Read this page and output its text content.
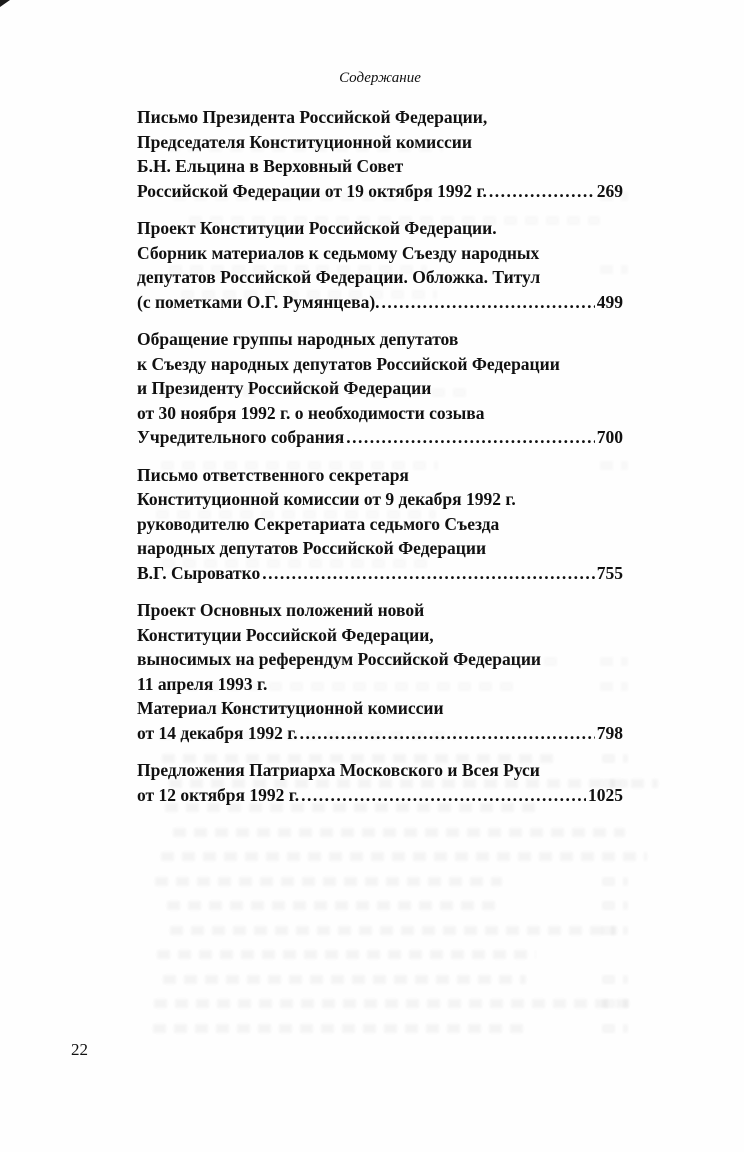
Содержание
Письмо Президента Российской Федерации,
Председателя Конституционной комиссии
Б.Н. Ельцина в Верховный Совет
Российской Федерации от 19 октября 1992 г. .....	269
Проект Конституции Российской Федерации.
Сборник материалов к седьмому Съезду народных
депутатов Российской Федерации. Обложка. Титул
(с пометками О.Г. Румянцева). .....	499
Обращение группы народных депутатов
к Съезду народных депутатов Российской Федерации
и Президенту Российской Федерации
от 30 ноября 1992 г. о необходимости созыва
Учредительного собрания .....	700
Письмо ответственного секретаря
Конституционной комиссии от 9 декабря 1992 г.
руководителю Секретариата седьмого Съезда
народных депутатов Российской Федерации
В.Г. Сыроватко .....	755
Проект Основных положений новой
Конституции Российской Федерации,
выносимых на референдум Российской Федерации
11 апреля 1993 г.
Материал Конституционной комиссии
от 14 декабря 1992 г. .....	798
Предложения Патриарха Московского и Всея Руси
от 12 октября 1992 г. .....	1025
22
